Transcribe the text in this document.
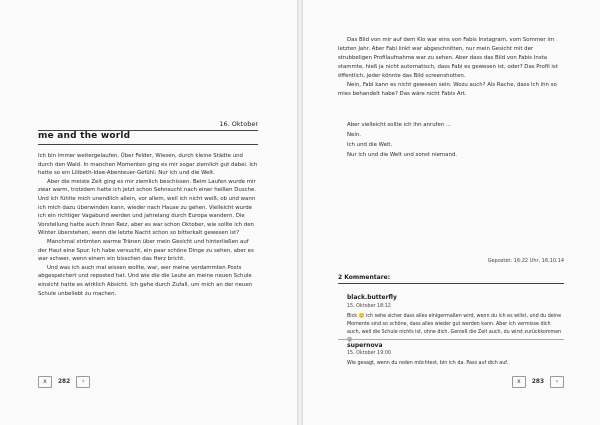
16. Oktober
me and the world

Ich bin immer weitergelaufen. Über Felder, Wiesen, durch kleine Städte und durch den Wald. In manchen Momenten ging es mir sogar ziemlich gut dabei. Ich hatte so ein Lilibeth-Idee-Abenteuer-Gefühl: Nur ich und die Welt.

Aber die meiste Zeit ging es mir ziemlich beschissen. Beim Laufen wurde mir zwar warm, trotzdem hatte ich jetzt schon Sehnsucht nach einer heißen Dusche. Und ich fühlte mich unendlich allein, vor allem, weil ich nicht weiß, ob und wann ich mich dazu überwinden kann, wieder nach Hause zu gehen. Vielleicht wurde ich ein richtiger Vagabund werden und jahrelang durch Europa wandern. Die Vorstellung hatte auch ihren Reiz, aber es war schon Oktober, wie sollte ich den Winter überstehen, wenn die letzte Nacht schon so bitterkalt gewesen ist?

Manchmal strömten warme Tränen über mein Gesicht und hinterließen auf der Haut eine Spur. Ich habe versucht, ein paar schöne Dinge zu sehen, aber es war schwer, wenn einem ein bisschen das Herz bricht.

Und was ich auch mal wissen wollte, war, wer meine verdammten Posts abgespeichert und reposted hat. Und wie die die Leute an meine neuen Schule einsicht hatte es wirklich Absicht. Ich gehe durch Zufall, um mich an der neuen Schule unbeliebt zu machen.

x	282	‹

Das Bild von mir auf dem Klo war eins von Fabis Instagram, vom Sommer im letzten Jahr. Aber Fabi linkt war abgeschnitten, nur mein Gesicht mit der strubbeligen Profilaufnahme war zu sehen. Aber dass das Bild von Fabis Insta stammte, hieß ja nicht automatisch, dass Fabi es gewesen ist, oder? Das Profil ist öffentlich, jeder könnte das Bild screenshotten.

Nein, Fabi kann es nicht gewesen sein. Wozu auch? Als Rache, dass ich ihn so mies behandelt habe? Das wäre nicht Fabis Art.

Aber vielleicht sollte ich ihn anrufen …
Nein.
Ich und die Welt.
Nur ich und die Welt und sonst niemand.
Gepostet: 16:22 Uhr, 16.10.14
2 Kommentare:
black.butterfly
15. Oktober 18:12

Bick 🙂 ich sehe sicher dass alles einigermaßen wird, wenn du ich es willst, und du deine Momente sind so schöne, dass alles wieder gut werden kann. Aber ich vermisse dich auch, weil die Schule nichts ist, ohne dich. Genieß die Zeit auch, du wirst zurückkommen 😊

supernova
15. Oktober 19:00

Wie gesagt, wenn du reden möchtest, bin ich da. Pass auf dich auf.

x	283	›
